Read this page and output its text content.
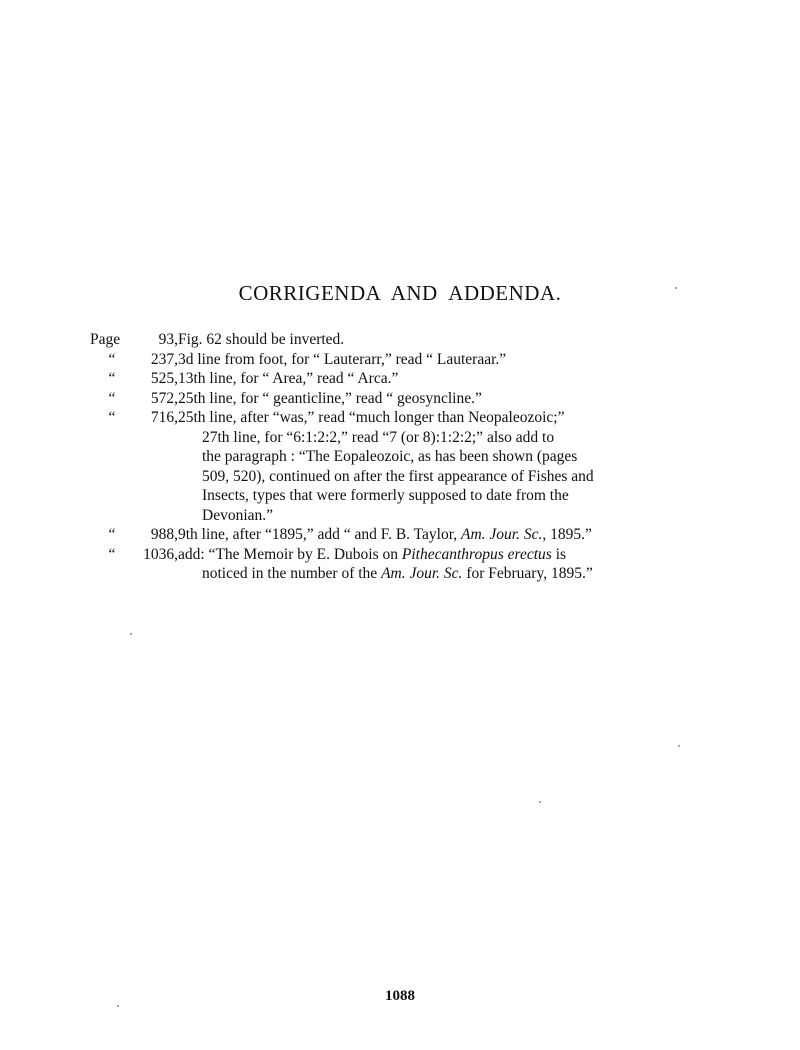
CORRIGENDA AND ADDENDA.
Page	93, Fig. 62 should be inverted.
“	237, 3d line from foot, for “ Lauterarr,” read “ Lauteraar.”
“	525, 13th line, for “ Area,” read “ Arca.”
“	572, 25th line, for “ geanticline,” read “ geosyncline.”
“	716, 25th line, after “was,” read “much longer than Neopaleozoic;”
27th line, for “6:1:2:2,” read “7 (or 8):1:2:2;” also add to
the paragraph : “The Eopaleozoic, as has been shown (pages
509, 520), continued on after the first appearance of Fishes and
Insects, types that were formerly supposed to date from the
Devonian.”
“	988, 9th line, after “1895,” add “ and F. B. Taylor, Am. Jour. Sc., 1895.”
“	1036, add: “The Memoir by E. Dubois on Pithecanthropus erectus is
noticed in the number of the Am. Jour. Sc. for February, 1895.”
1088
